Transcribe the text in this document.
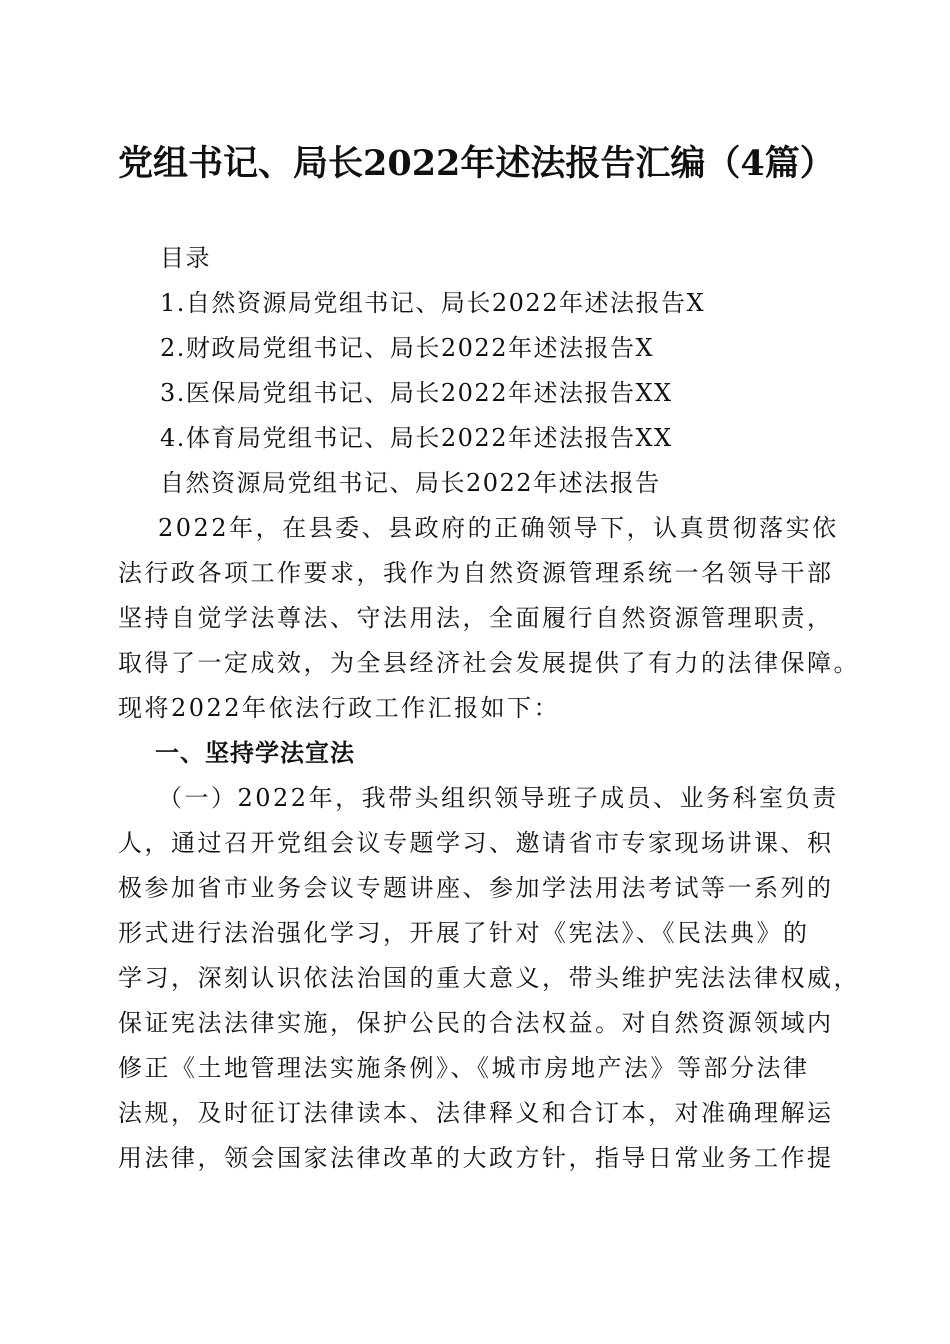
党组书记、局长2022年述法报告汇编（4篇）
目录
1.自然资源局党组书记、局长2022年述法报告X
2.财政局党组书记、局长2022年述法报告X
3.医保局党组书记、局长2022年述法报告XX
4.体育局党组书记、局长2022年述法报告XX
自然资源局党组书记、局长2022年述法报告
2022年，在县委、县政府的正确领导下，认真贯彻落实依
法行政各项工作要求，我作为自然资源管理系统一名领导干部
坚持自觉学法尊法、守法用法，全面履行自然资源管理职责，
取得了一定成效，为全县经济社会发展提供了有力的法律保障。
现将2022年依法行政工作汇报如下：
一、坚持学法宣法
（一）2022年，我带头组织领导班子成员、业务科室负责
人，通过召开党组会议专题学习、邀请省市专家现场讲课、积
极参加省市业务会议专题讲座、参加学法用法考试等一系列的
形式进行法治强化学习，开展了针对《宪法》、《民法典》的
学习，深刻认识依法治国的重大意义，带头维护宪法法律权威，
保证宪法法律实施，保护公民的合法权益。对自然资源领域内
修正《土地管理法实施条例》、《城市房地产法》等部分法律
法规，及时征订法律读本、法律释义和合订本，对准确理解运
用法律，领会国家法律改革的大政方针，指导日常业务工作提
